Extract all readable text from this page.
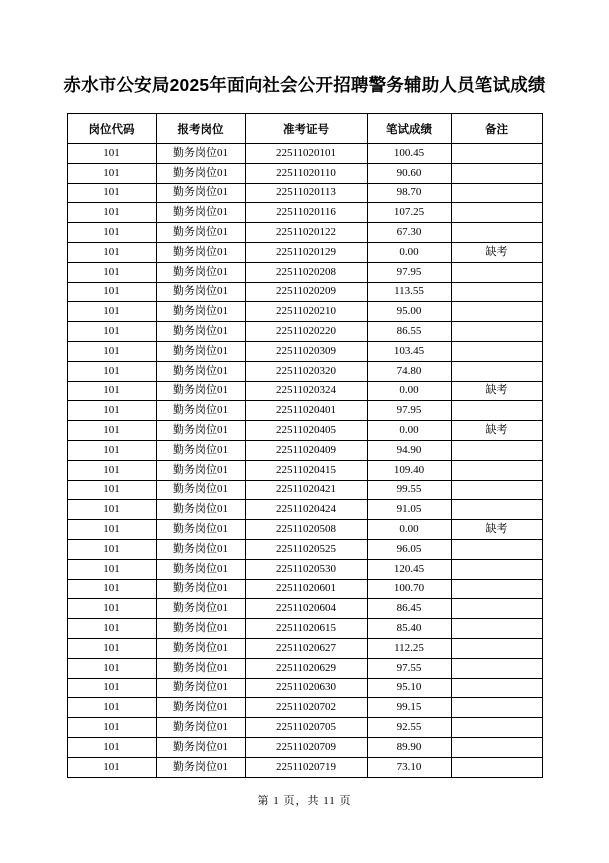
赤水市公安局2025年面向社会公开招聘警务辅助人员笔试成绩
岗位代码	报考岗位	准考证号	笔试成绩	备注
101	勤务岗位01	22511020101	100.45	
101	勤务岗位01	22511020110	90.60	
101	勤务岗位01	22511020113	98.70	
101	勤务岗位01	22511020116	107.25	
101	勤务岗位01	22511020122	67.30	
101	勤务岗位01	22511020129	0.00	缺考
101	勤务岗位01	22511020208	97.95	
101	勤务岗位01	22511020209	113.55	
101	勤务岗位01	22511020210	95.00	
101	勤务岗位01	22511020220	86.55	
101	勤务岗位01	22511020309	103.45	
101	勤务岗位01	22511020320	74.80	
101	勤务岗位01	22511020324	0.00	缺考
101	勤务岗位01	22511020401	97.95	
101	勤务岗位01	22511020405	0.00	缺考
101	勤务岗位01	22511020409	94.90	
101	勤务岗位01	22511020415	109.40	
101	勤务岗位01	22511020421	99.55	
101	勤务岗位01	22511020424	91.05	
101	勤务岗位01	22511020508	0.00	缺考
101	勤务岗位01	22511020525	96.05	
101	勤务岗位01	22511020530	120.45	
101	勤务岗位01	22511020601	100.70	
101	勤务岗位01	22511020604	86.45	
101	勤务岗位01	22511020615	85.40	
101	勤务岗位01	22511020627	112.25	
101	勤务岗位01	22511020629	97.55	
101	勤务岗位01	22511020630	95.10	
101	勤务岗位01	22511020702	99.15	
101	勤务岗位01	22511020705	92.55	
101	勤务岗位01	22511020709	89.90	
101	勤务岗位01	22511020719	73.10	
第 1 页，共 11 页
